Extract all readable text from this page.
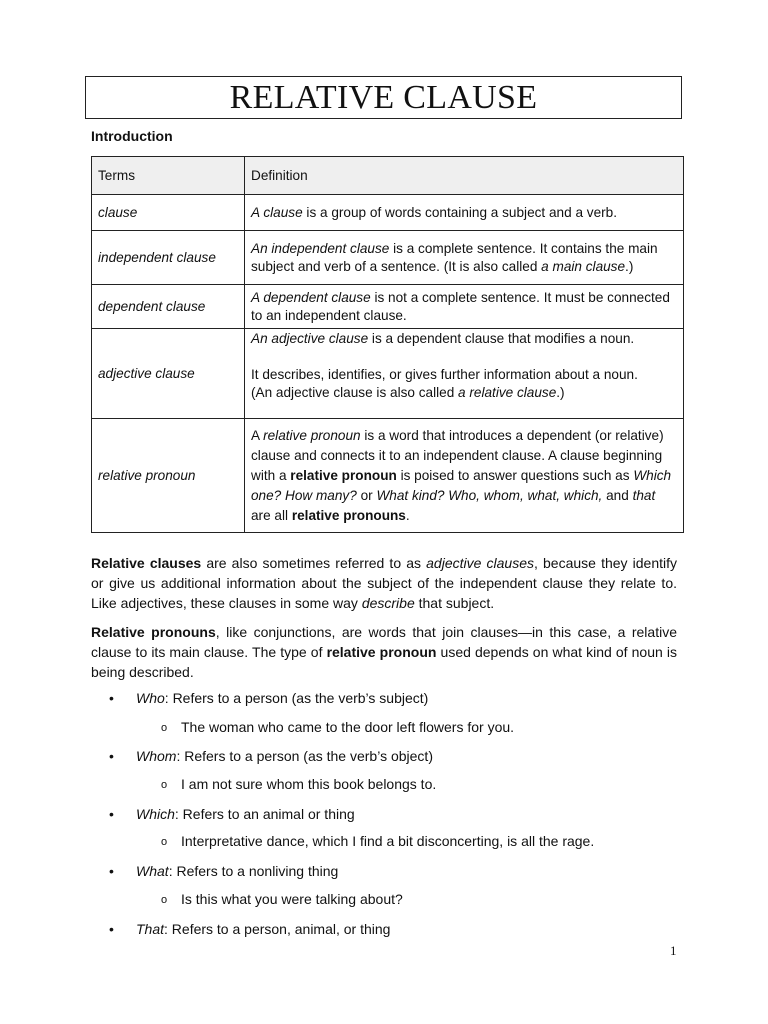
RELATIVE CLAUSE
Introduction
Terms	Definition
clause	A clause is a group of words containing a subject and a verb.
independent clause	An independent clause is a complete sentence. It contains the main subject and verb of a sentence. (It is also called a main clause.)
dependent clause	A dependent clause is not a complete sentence. It must be connected to an independent clause.
adjective clause	An adjective clause is a dependent clause that modifies a noun.

It describes, identifies, or gives further information about a noun.
(An adjective clause is also called a relative clause.)

relative pronoun	A relative pronoun is a word that introduces a dependent (or relative) clause and connects it to an independent clause. A clause beginning with a relative pronoun is poised to answer questions such as Which one? How many? or What kind? Who, whom, what, which, and that are all relative pronouns.
Relative clauses are also sometimes referred to as adjective clauses, because they identify or give us additional information about the subject of the independent clause they relate to. Like adjectives, these clauses in some way describe that subject.
Relative pronouns, like conjunctions, are words that join clauses—in this case, a relative clause to its main clause. The type of relative pronoun used depends on what kind of noun is being described.
• Who: Refers to a person (as the verb’s subject)
o The woman who came to the door left flowers for you.
• Whom: Refers to a person (as the verb’s object)
o I am not sure whom this book belongs to.
• Which: Refers to an animal or thing
o Interpretative dance, which I find a bit disconcerting, is all the rage.
• What: Refers to a nonliving thing
o Is this what you were talking about?
• That: Refers to a person, animal, or thing
1
